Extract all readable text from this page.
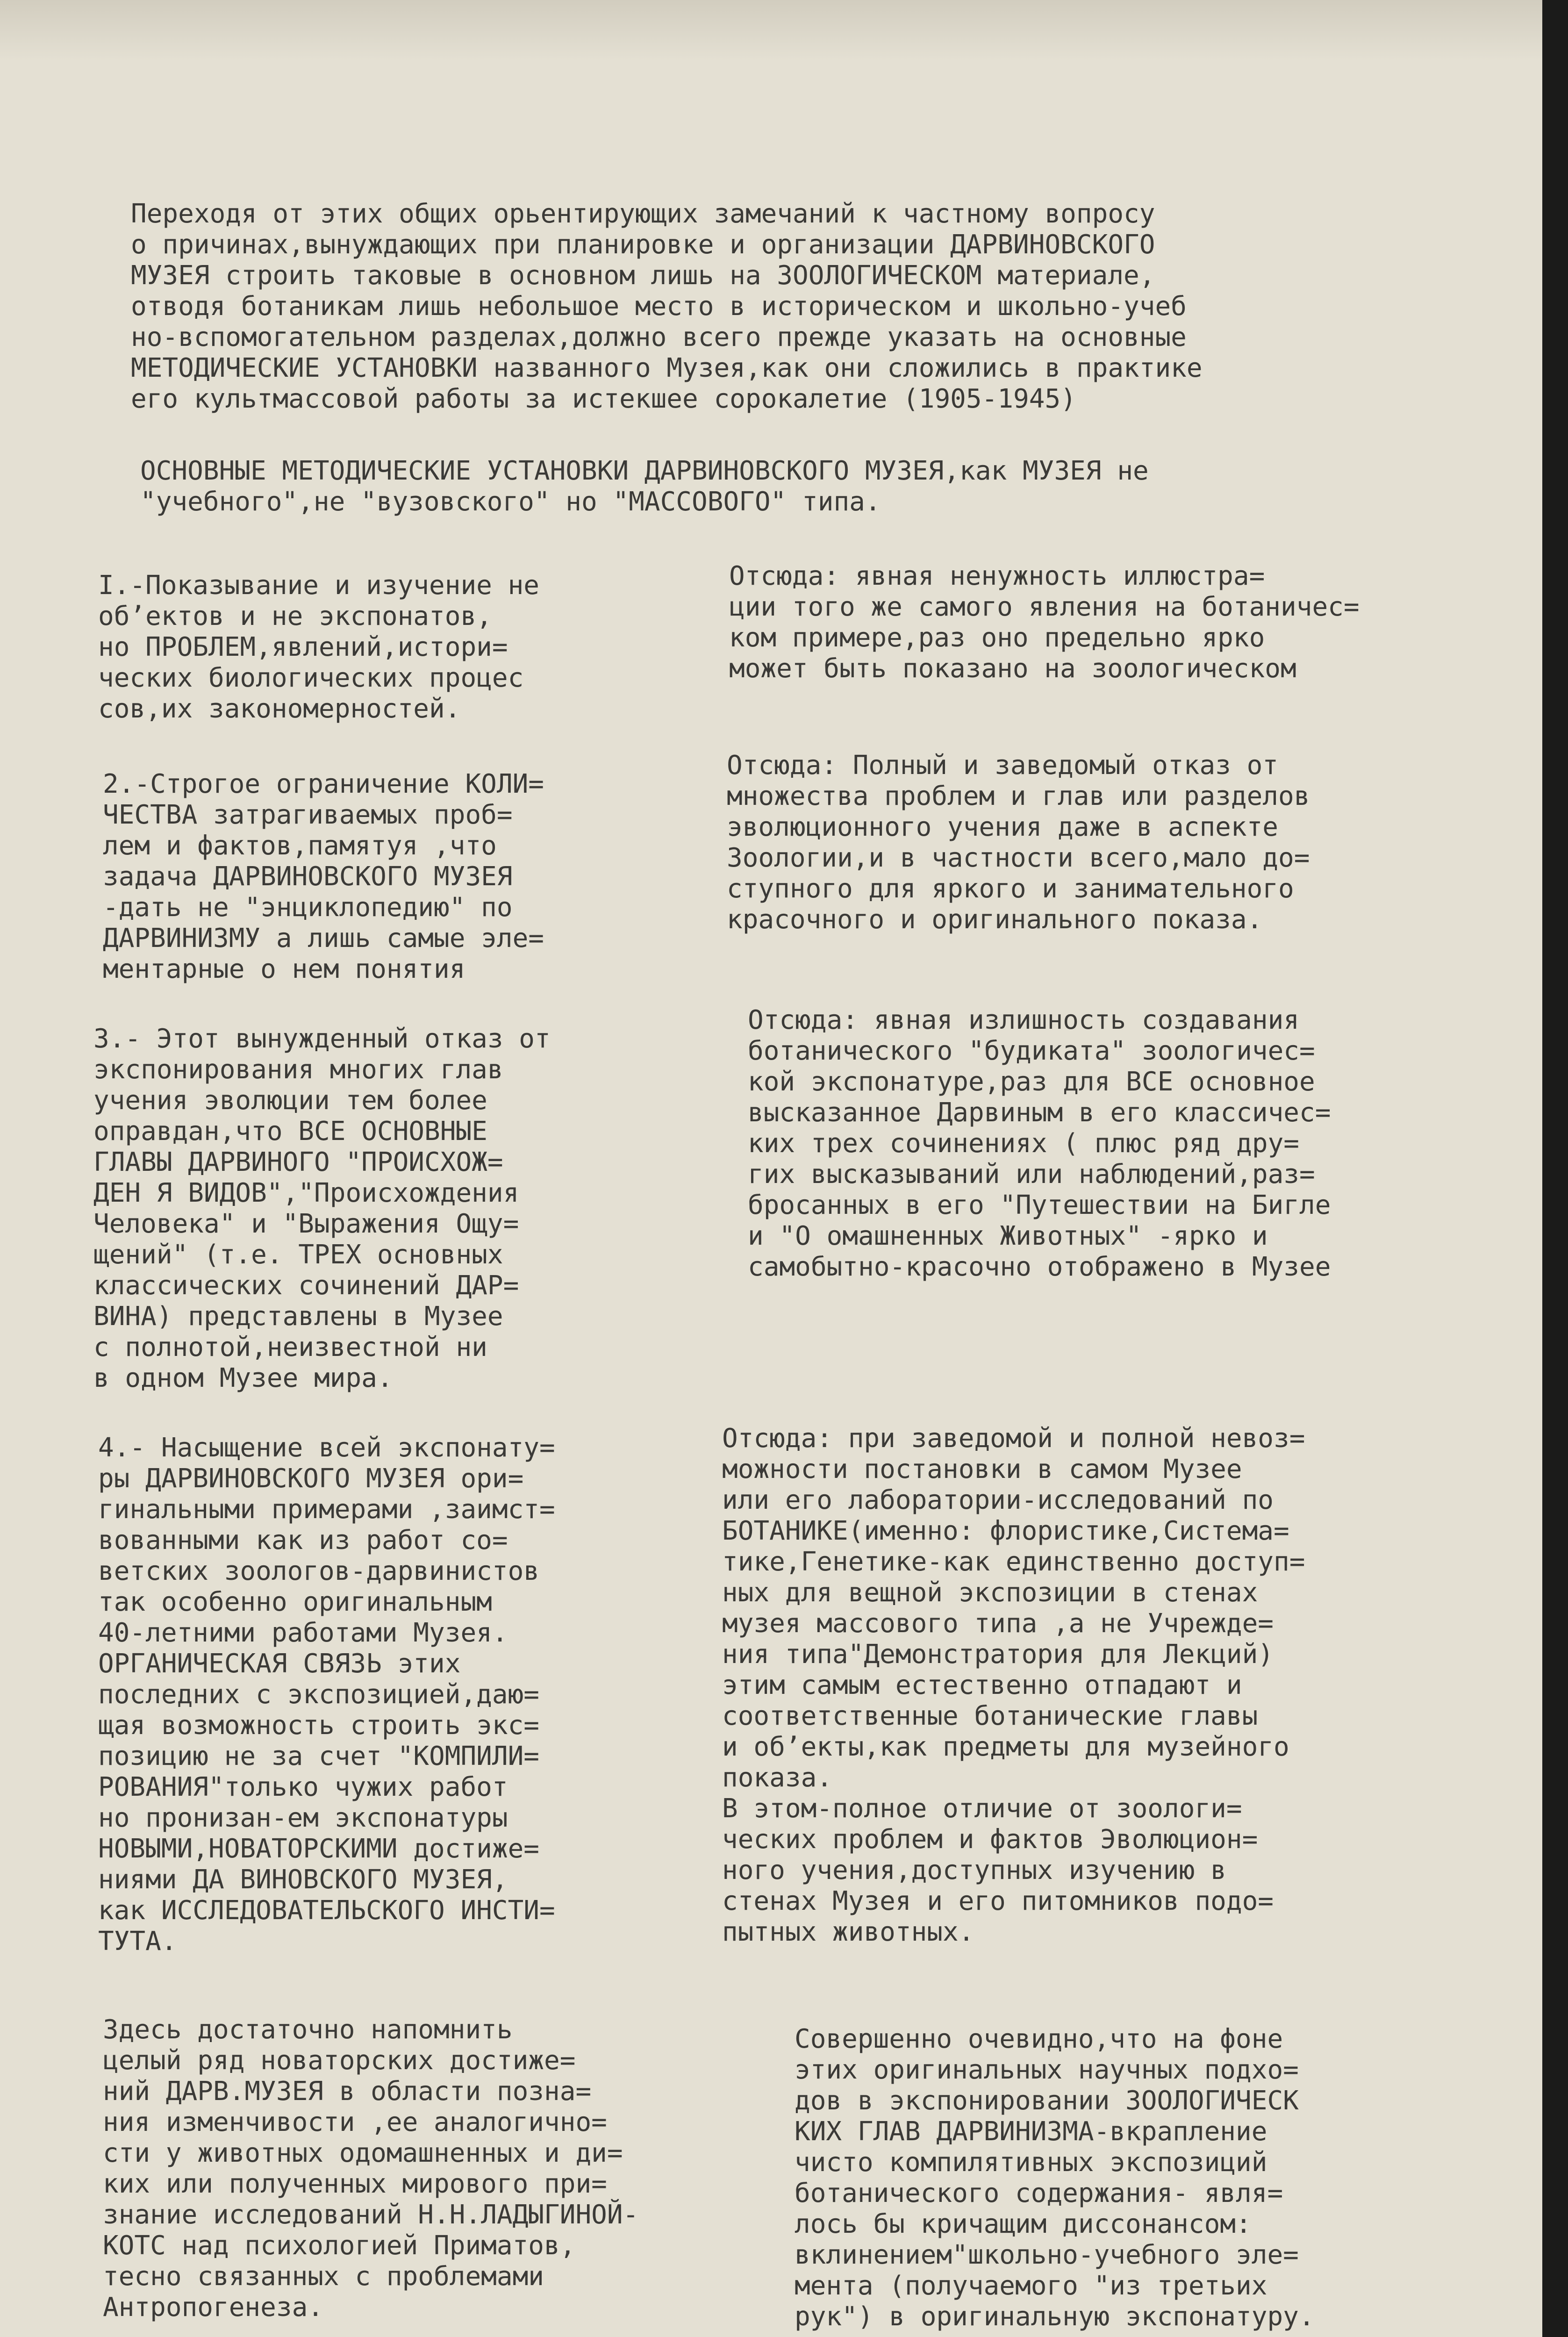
Переходя от этих общих орьентирующих замечаний к частному вопросу
о причинах,вынуждающих при планировке и организации ДАРВИНОВСКОГО
МУЗЕЯ строить таковые в основном лишь на ЗООЛОГИЧЕСКОМ материале,
отводя ботаникам лишь небольшое место в историческом и школьно-учеб
но-вспомогательном разделах,должно всего прежде указать на основные
МЕТОДИЧЕСКИЕ УСТАНОВКИ названного Музея,как они сложились в практике
его культмассовой работы за истекшее сорокалетие (1905-1945)
ОСНОВНЫЕ МЕТОДИЧЕСКИЕ УСТАНОВКИ ДАРВИНОВСКОГО МУЗЕЯ,как МУЗЕЯ не
"учебного",не "вузовского" но "МАССОВОГО" типа.
I.-Показывание и изучение не
обʼектов и не экспонатов,
но ПРОБЛЕМ,явлений,истори=
ческих биологических процес
сов,их закономерностей.
Отсюда: явная ненужность иллюстра=
ции того же самого явления на ботаничес=
ком примере,раз оно предельно ярко
может быть показано на зоологическом
2.-Строгое ограничение КОЛИ=
ЧЕСТВА затрагиваемых проб=
лем и фактов,памятуя ,что
задача ДАРВИНОВСКОГО МУЗЕЯ
-дать не "энциклопедию" по
ДАРВИНИЗМУ а лишь самые эле=
ментарные о нем понятия
Отсюда: Полный и заведомый отказ от
множества проблем и глав или разделов
эволюционного учения даже в аспекте
Зоологии,и в частности всего,мало до=
ступного для яркого и занимательного
красочного и оригинального показа.
3.- Этот вынужденный отказ от
экспонирования многих глав
учения эволюции тем более
оправдан,что ВСЕ ОСНОВНЫЕ
ГЛАВЫ ДАРВИНОГО "ПРОИСХОЖ=
ДЕН Я ВИДОВ","Происхождения
Человека" и "Выражения Ощу=
щений" (т.е. ТРЕХ основных
классических сочинений ДАР=
ВИНА) представлены в Музее
с полнотой,неизвестной ни
в одном Музее мира.
Отсюда: явная излишность создавания
ботанического "будиката" зоологичес=
кой экспонатуре,раз для ВСЕ основное
высказанное Дарвиным в его классичес=
ких трех сочинениях ( плюс ряд дру=
гих высказываний или наблюдений,раз=
бросанных в его "Путешествии на Бигле
и "О омашненных Животных" -ярко и
самобытно-красочно отображено в Музее
4.- Насыщение всей экспонату=
ры ДАРВИНОВСКОГО МУЗЕЯ ори=
гинальными примерами ,заимст=
вованными как из работ со=
ветских зоологов-дарвинистов
так особенно оригинальным
40-летними работами Музея.
ОРГАНИЧЕСКАЯ СВЯЗЬ этих
последних с экспозицией,даю=
щая возможность строить экс=
позицию не за счет "КОМПИЛИ=
РОВАНИЯ"только чужих работ
но пронизан-ем экспонатуры
НОВЫМИ,НОВАТОРСКИМИ достиже=
ниями ДА ВИНОВСКОГО МУЗЕЯ,
как ИССЛЕДОВАТЕЛЬСКОГО ИНСТИ=
ТУТА.
Отсюда: при заведомой и полной невоз=
можности постановки в самом Музее
или его лаборатории-исследований по
БОТАНИКЕ(именно: флористике,Система=
тике,Генетике-как единственно доступ=
ных для вещной экспозиции в стенах
музея массового типа ,а не Учрежде=
ния типа"Демонстратория для Лекций)
этим самым естественно отпадают и
соответственные ботанические главы
и обʼекты,как предметы для музейного
показа.
В этом-полное отличие от зоологи=
ческих проблем и фактов Эволюцион=
ного учения,доступных изучению в
стенах Музея и его питомников подо=
пытных животных.
Здесь достаточно напомнить
целый ряд новаторских достиже=
ний ДАРВ.МУЗЕЯ в области позна=
ния изменчивости ,ее аналогично=
сти у животных одомашненных и ди=
ких или полученных мирового при=
знание исследований Н.Н.ЛАДЫГИНОЙ-
КОТС над психологией Приматов,
тесно связанных с проблемами
Антропогенеза.
Совершенно очевидно,что на фоне
этих оригинальных научных подхо=
дов в экспонировании ЗООЛОГИЧЕСК
КИХ ГЛАВ ДАРВИНИЗМА-вкрапление
чисто компилятивных экспозиций
ботанического содержания- явля=
лось бы кричащим диссонансом:
вклинением"школьно-учебного эле=
мента (получаемого "из третьих
рук") в оригинальную экспонатуру.
